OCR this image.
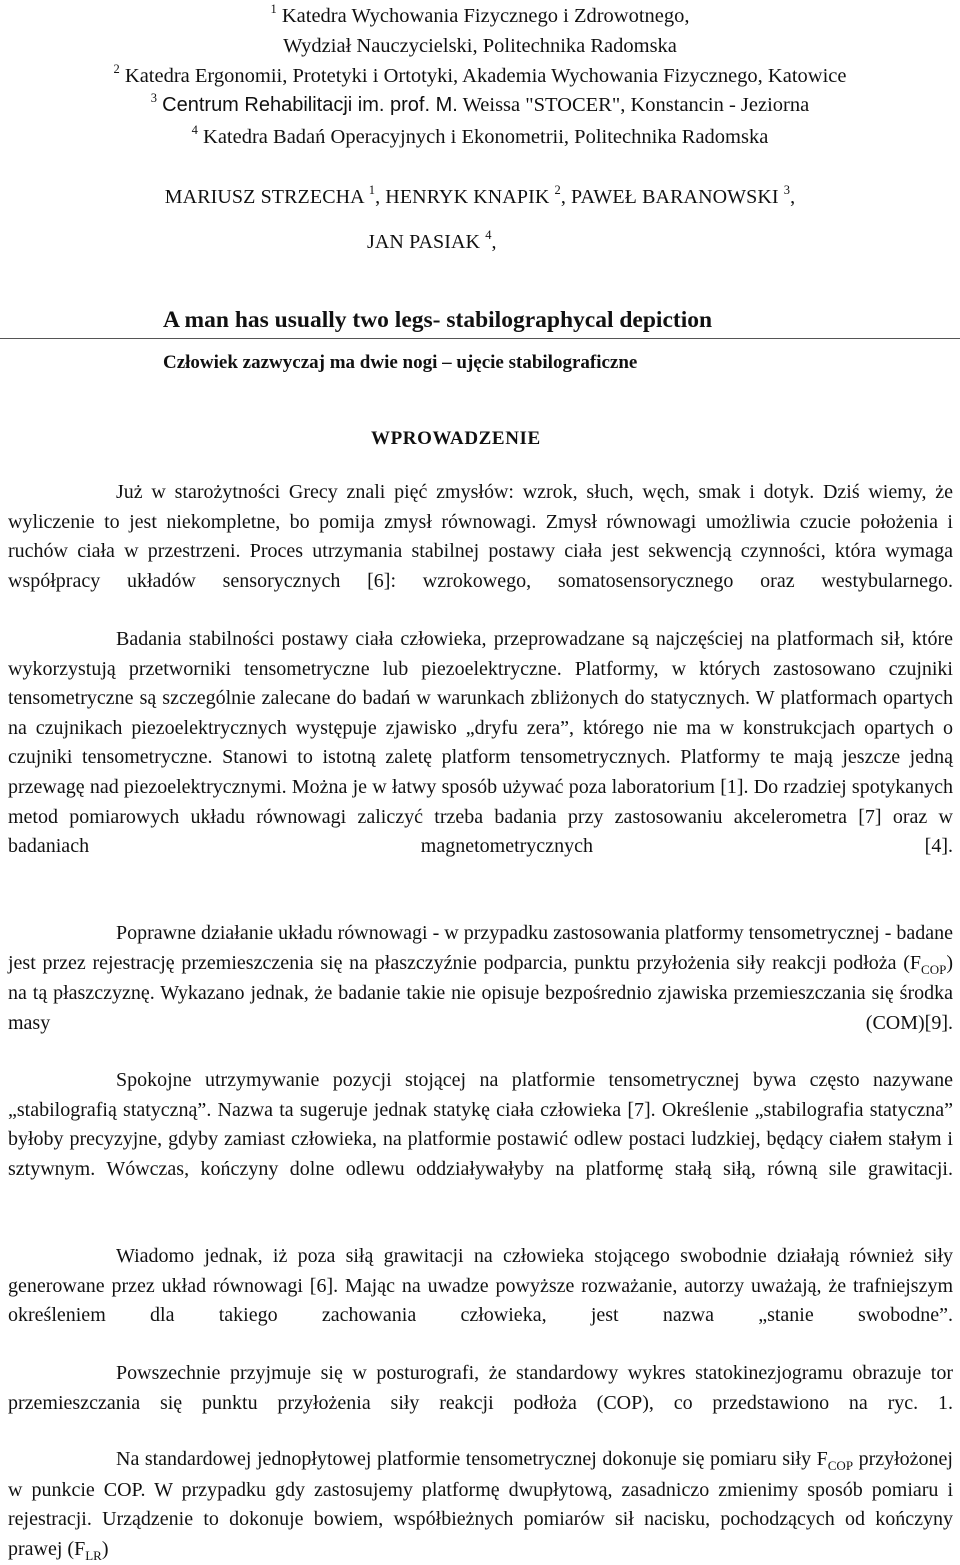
$^1$ Katedra Wychowania Fizycznego i Zdrowotnego,
Wydział Nauczycielski, Politechnika Radomska
$^2$ Katedra Ergonomii, Protetyki i Ortotyki, Akademia Wychowania Fizycznego, Katowice
$^3$ Centrum Rehabilitacji im. prof. M. Weissa "STOCER", Konstancin - Jeziorna
$^4$ Katedra Badań Operacyjnych i Ekonometrii, Politechnika Radomska
MARIUSZ STRZECHA $^1$, HENRYK KNAPIK $^2$, PAWEŁ BARANOWSKI $^3$,
JAN PASIAK $^4$,
A man has usually two legs- stabilographycal depiction
Człowiek zazwyczaj ma dwie nogi – ujęcie stabilograficzne
WPROWADZENIE
Już w starożytności Grecy znali pięć zmysłów: wzrok, słuch, węch, smak i dotyk. Dziś wiemy, że wyliczenie to jest niekompletne, bo pomija zmysł równowagi. Zmysł równowagi umożliwia czucie położenia i ruchów ciała w przestrzeni. Proces utrzymania stabilnej postawy ciała jest sekwencją czynności, która wymaga współpracy układów sensorycznych [6]: wzrokowego, somatosensorycznego oraz westybularnego.
Badania stabilności postawy ciała człowieka, przeprowadzane są najczęściej na platformach sił, które wykorzystują przetworniki tensometryczne lub piezoelektryczne. Platformy, w których zastosowano czujniki tensometryczne są szczególnie zalecane do badań w warunkach zbliżonych do statycznych. W platformach opartych na czujnikach piezoelektrycznych występuje zjawisko „dryfu zera”, którego nie ma w konstrukcjach opartych o czujniki tensometryczne. Stanowi to istotną zaletę platform tensometrycznych. Platformy te mają jeszcze jedną przewagę nad piezoelektrycznymi. Można je w łatwy sposób używać poza laboratorium [1]. Do rzadziej spotykanych metod pomiarowych układu równowagi zaliczyć trzeba badania przy zastosowaniu akcelerometra [7] oraz w badaniach magnetometrycznych [4].
Poprawne działanie układu równowagi - w przypadku zastosowania platformy tensometrycznej - badane jest przez rejestrację przemieszczenia się na płaszczyźnie podparcia, punktu przyłożenia siły reakcji podłoża $(F_{COP})$ na tą płaszczyznę. Wykazano jednak, że badanie takie nie opisuje bezpośrednio zjawiska przemieszczania się środka masy (COM)[9].
Spokojne utrzymywanie pozycji stojącej na platformie tensometrycznej bywa często nazywane „stabilografią statyczną”. Nazwa ta sugeruje jednak statykę ciała człowieka [7]. Określenie „stabilografia statyczna” byłoby precyzyjne, gdyby zamiast człowieka, na platformie postawić odlew postaci ludzkiej, będący ciałem stałym i sztywnym. Wówczas, kończyny dolne odlewu oddziaływałyby na platformę stałą siłą, równą sile grawitacji.
Wiadomo jednak, iż poza siłą grawitacji na człowieka stojącego swobodnie działają również siły generowane przez układ równowagi [6]. Mając na uwadze powyższe rozważanie, autorzy uważają, że trafniejszym określeniem dla takiego zachowania człowieka, jest nazwa „stanie swobodne”.
Powszechnie przyjmuje się w posturografi, że standardowy wykres statokinezjogramu obrazuje tor przemieszczania się punktu przyłożenia siły reakcji podłoża (COP), co przedstawiono na ryc. 1.
Na standardowej jednopłytowej platformie tensometrycznej dokonuje się pomiaru siły $F_{COP}$ przyłożonej w punkcie COP. W przypadku gdy zastosujemy platformę dwupłytową, zasadniczo zmienimy sposób pomiaru i rejestracji. Urządzenie to dokonuje bowiem, współbieżnych pomiarów sił nacisku, pochodzących od kończyny prawej $(F_{LR})$
